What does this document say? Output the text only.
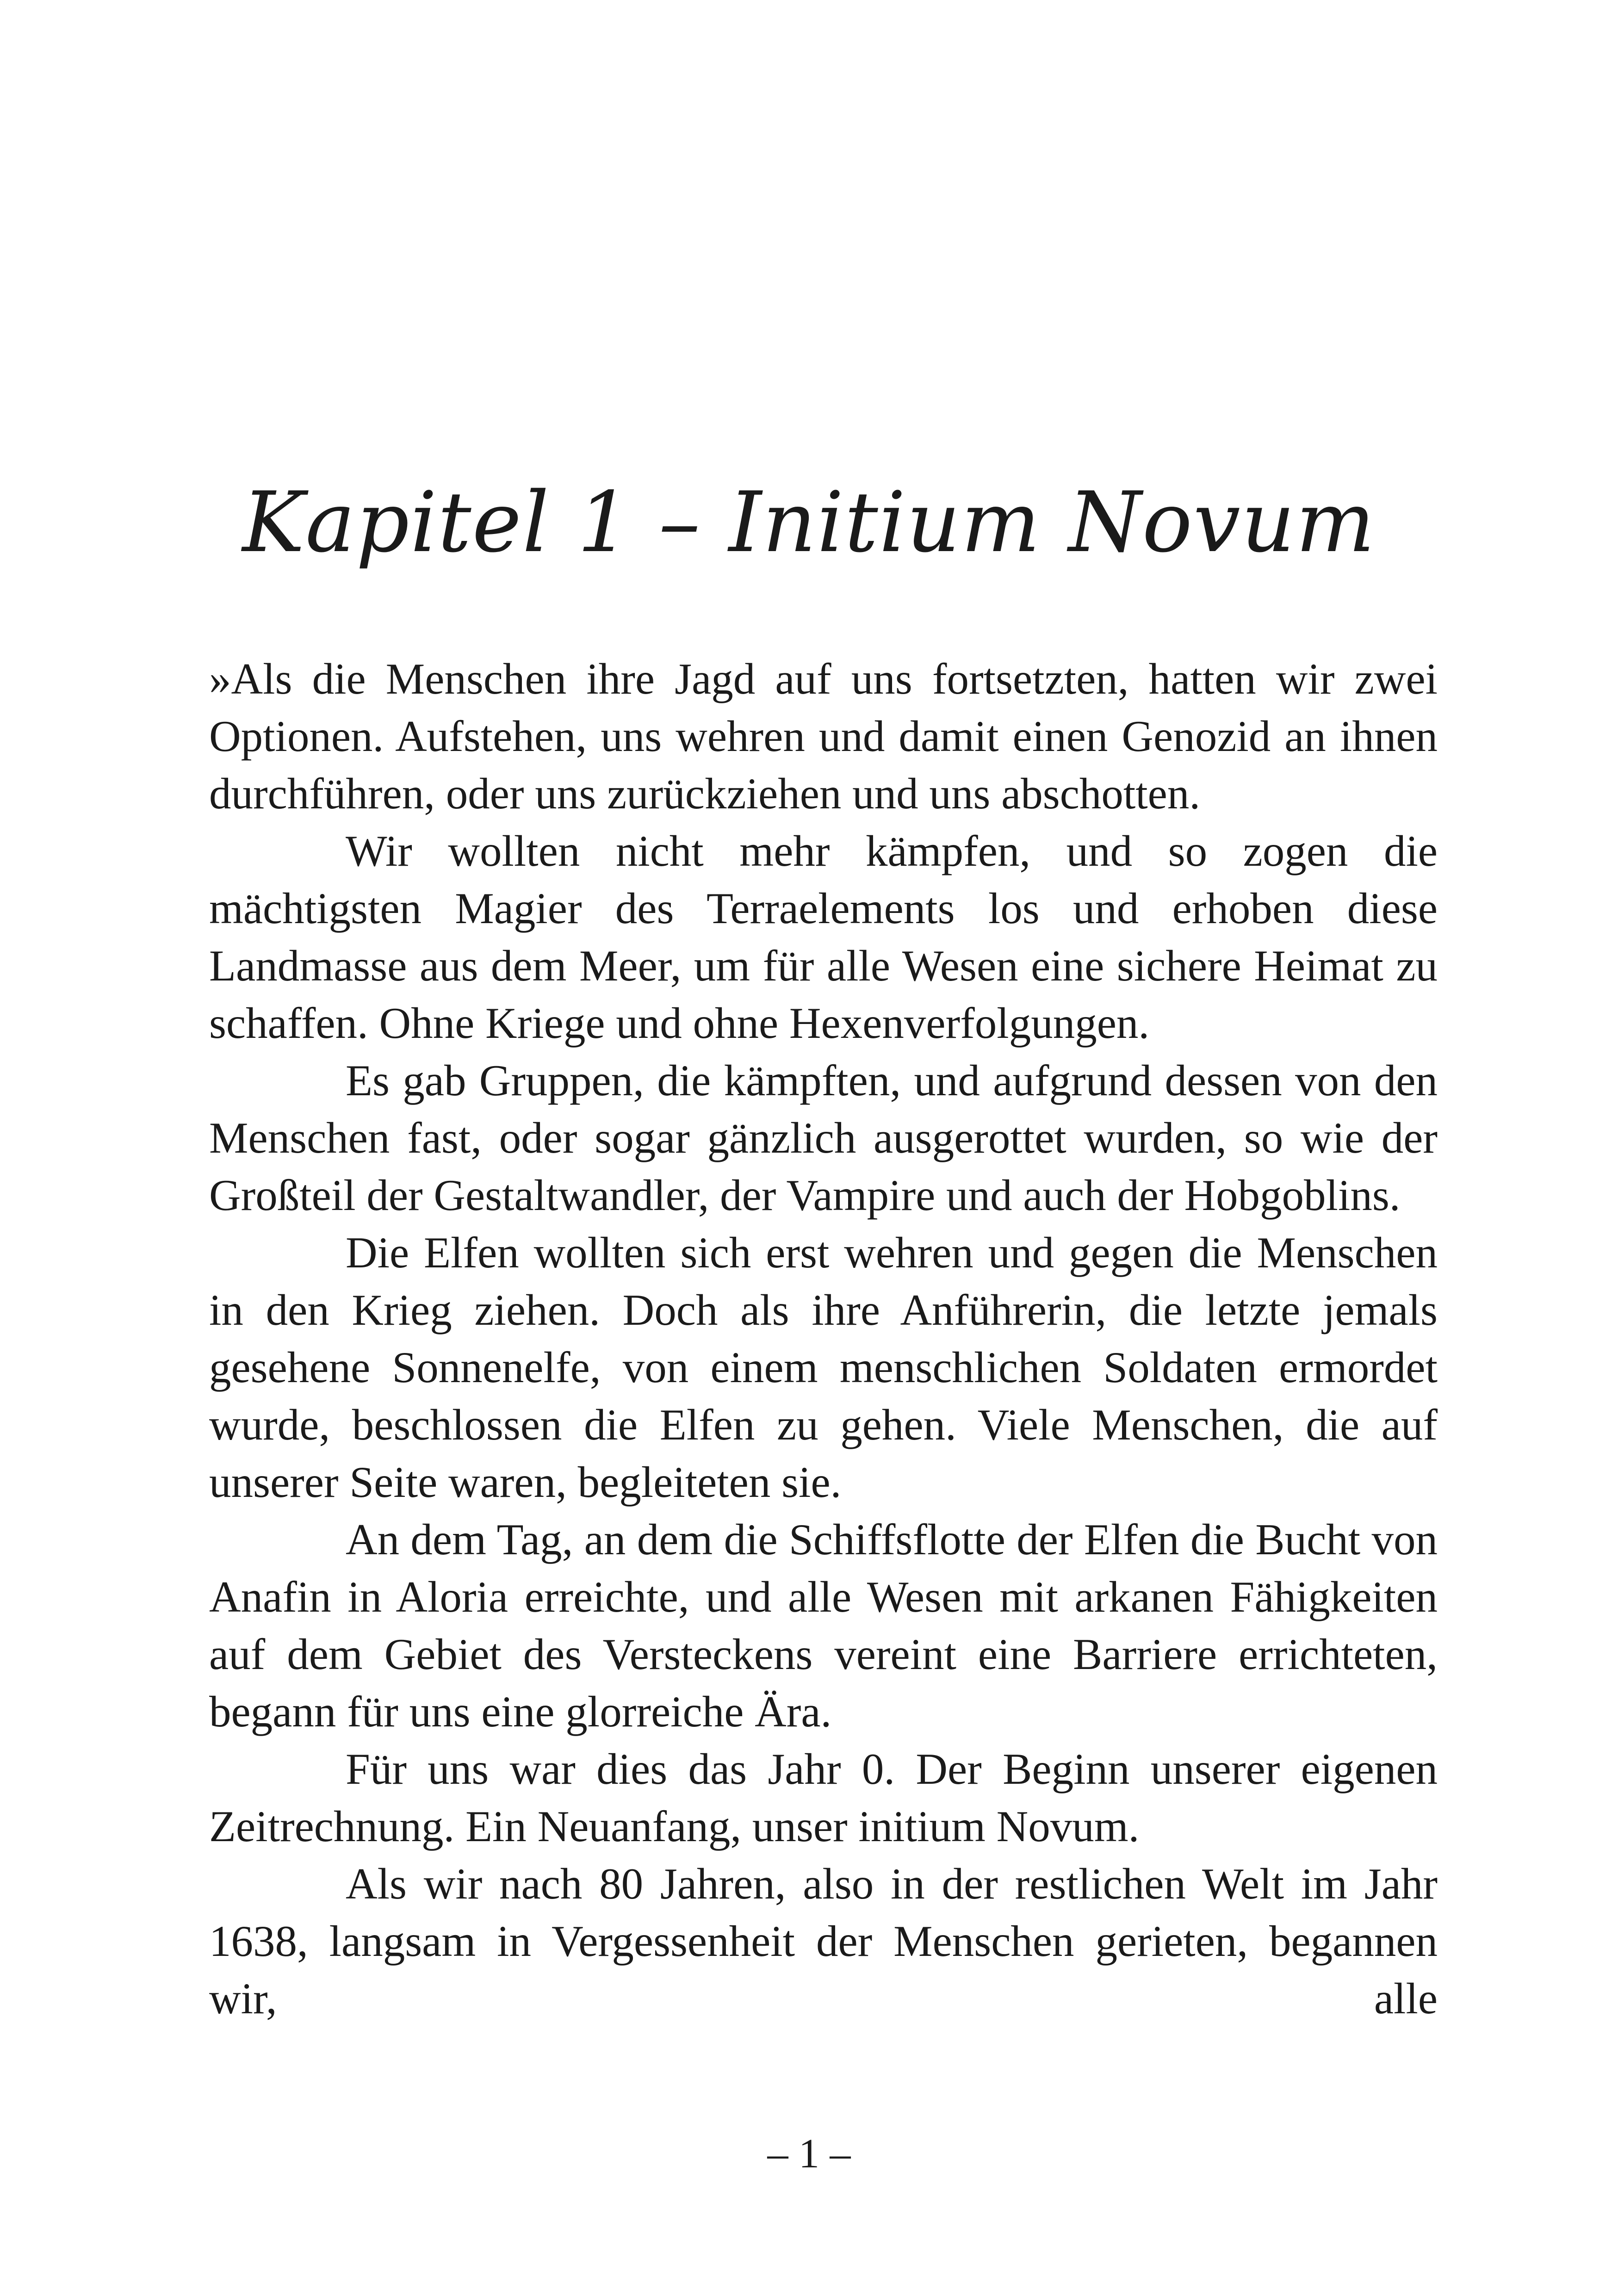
Kapitel 1 – Initium Novum

»Als die Menschen ihre Jagd auf uns fortsetzten, hatten wir zwei Optionen. Aufstehen, uns wehren und damit einen Genozid an ihnen durchführen, oder uns zurückziehen und uns abschotten.

Wir wollten nicht mehr kämpfen, und so zogen die mächtigsten Magier des Terraelements los und erhoben diese Landmasse aus dem Meer, um für alle Wesen eine sichere Heimat zu schaffen. Ohne Kriege und ohne Hexenverfolgungen.

Es gab Gruppen, die kämpften, und aufgrund dessen von den Menschen fast, oder sogar gänzlich ausgerottet wurden, so wie der Großteil der Gestaltwandler, der Vampire und auch der Hobgoblins.

Die Elfen wollten sich erst wehren und gegen die Menschen in den Krieg ziehen. Doch als ihre Anführerin, die letzte jemals gesehene Sonnenelfe, von einem menschlichen Soldaten ermordet wurde, beschlossen die Elfen zu gehen. Viele Menschen, die auf unserer Seite waren, begleiteten sie.

An dem Tag, an dem die Schiffsflotte der Elfen die Bucht von Anafin in Aloria erreichte, und alle Wesen mit arkanen Fähigkeiten auf dem Gebiet des Versteckens vereint eine Barriere errichteten, begann für uns eine glorreiche Ära.

Für uns war dies das Jahr 0. Der Beginn unserer eigenen Zeitrechnung. Ein Neuanfang, unser initium Novum.

Als wir nach 80 Jahren, also in der restlichen Welt im Jahr 1638, langsam in Vergessenheit der Menschen gerieten, begannen wir, alle

– 1 –
